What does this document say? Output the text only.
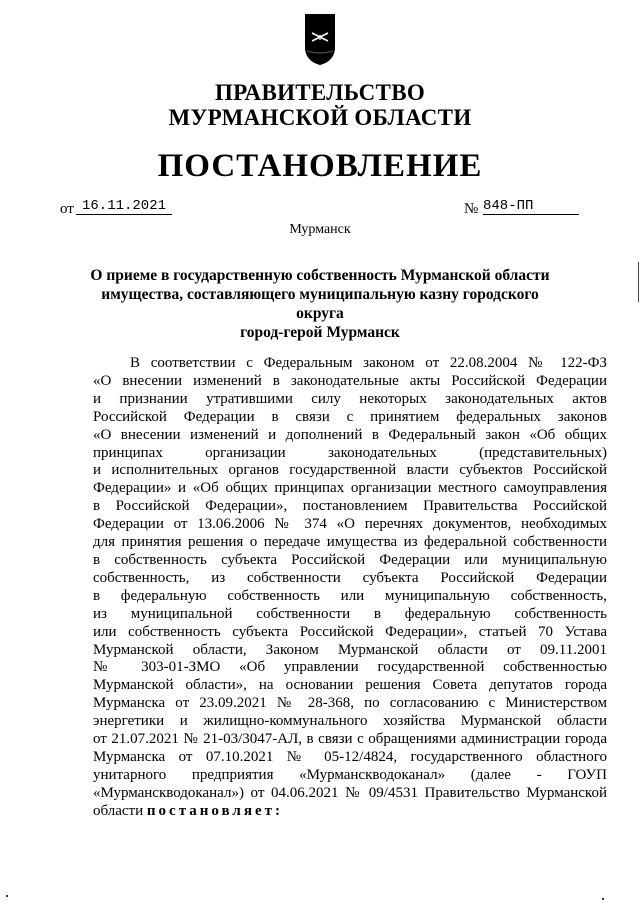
ПРАВИТЕЛЬСТВО
МУРМАНСКОЙ ОБЛАСТИ
ПОСТАНОВЛЕНИЕ
от 16.11.2021	№ 848-ПП
Мурманск
О приеме в государственную собственность Мурманской области
имущества, составляющего муниципальную казну городского округа
город-герой Мурманск
В соответствии с Федеральным законом от 22.08.2004 № 122-ФЗ
«О внесении изменений в законодательные акты Российской Федерации
и признании утратившими силу некоторых законодательных актов
Российской Федерации в связи с принятием федеральных законов
«О внесении изменений и дополнений в Федеральный закон «Об общих
принципах организации законодательных (представительных)
и исполнительных органов государственной власти субъектов Российской
Федерации» и «Об общих принципах организации местного самоуправления
в Российской Федерации», постановлением Правительства Российской
Федерации от 13.06.2006 № 374 «О перечнях документов, необходимых
для принятия решения о передаче имущества из федеральной собственности
в собственность субъекта Российской Федерации или муниципальную
собственность, из собственности субъекта Российской Федерации
в федеральную собственность или муниципальную собственность,
из муниципальной собственности в федеральную собственность
или собственность субъекта Российской Федерации», статьей 70 Устава
Мурманской области, Законом Мурманской области от 09.11.2001
№ 303-01-ЗМО «Об управлении государственной собственностью
Мурманской области», на основании решения Совета депутатов города
Мурманска от 23.09.2021 № 28-368, по согласованию с Министерством
энергетики и жилищно-коммунального хозяйства Мурманской области
от 21.07.2021 № 21-03/3047-АЛ, в связи с обращениями администрации города
Мурманска от 07.10.2021 № 05-12/4824, государственного областного
унитарного предприятия «Мурманскводоканал» (далее - ГОУП
«Мурманскводоканал») от 04.06.2021 № 09/4531 Правительство Мурманской
области постановляет:
